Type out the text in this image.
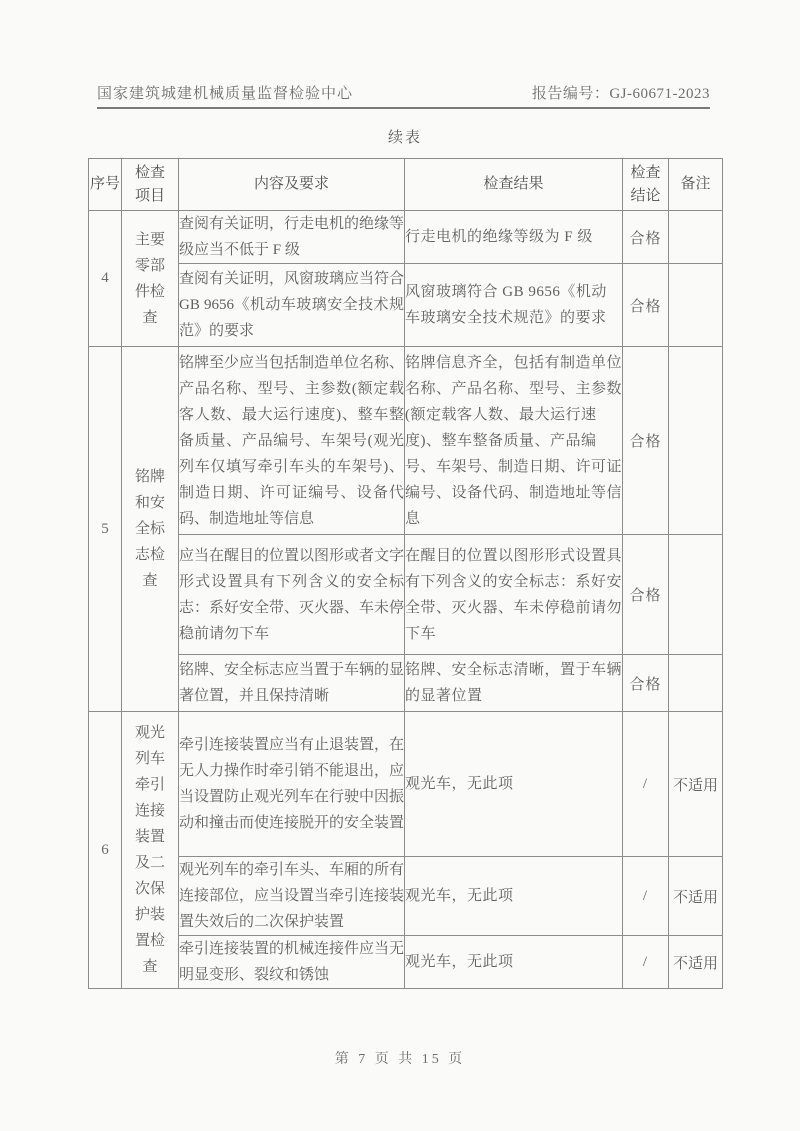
国家建筑城建机械质量监督检验中心	报告编号：GJ-60671-2023
续表
序号	检查项目	内容及要求	检查结果	检查结论	备注

4	主要零部件检查	查阅有关证明，行走电机的绝缘等级应当不低于 F 级	行走电机的绝缘等级为 F 级	合格	
		查阅有关证明，风窗玻璃应当符合 GB 9656《机动车玻璃安全技术规范》的要求	风窗玻璃符合 GB 9656《机动车玻璃安全技术规范》的要求	合格	
5	铭牌和安全标志检查	铭牌至少应当包括制造单位名称、产品名称、型号、主参数(额定载客人数、最大运行速度)、整车整备质量、产品编号、车架号(观光列车仅填写牵引车头的车架号)、制造日期、许可证编号、设备代码、制造地址等信息	铭牌信息齐全，包括有制造单位名称、产品名称、型号、主参数(额定载客人数、最大运行速度)、整车整备质量、产品编号、车架号、制造日期、许可证编号、设备代码、制造地址等信息	合格	
		应当在醒目的位置以图形或者文字形式设置具有下列含义的安全标志：系好安全带、灭火器、车未停稳前请勿下车	在醒目的位置以图形形式设置具有下列含义的安全标志：系好安全带、灭火器、车未停稳前请勿下车	合格	
		铭牌、安全标志应当置于车辆的显著位置，并且保持清晰	铭牌、安全标志清晰，置于车辆的显著位置	合格	
6	观光列车牵引连接装置及二次保护装置检查	牵引连接装置应当有止退装置，在无人力操作时牵引销不能退出，应当设置防止观光列车在行驶中因振动和撞击而使连接脱开的安全装置	观光车，无此项	/	不适用
		观光列车的牵引车头、车厢的所有连接部位，应当设置当牵引连接装置失效后的二次保护装置	观光车，无此项	/	不适用
		牵引连接装置的机械连接件应当无明显变形、裂纹和锈蚀	观光车，无此项	/	不适用
第 7 页 共 15 页
